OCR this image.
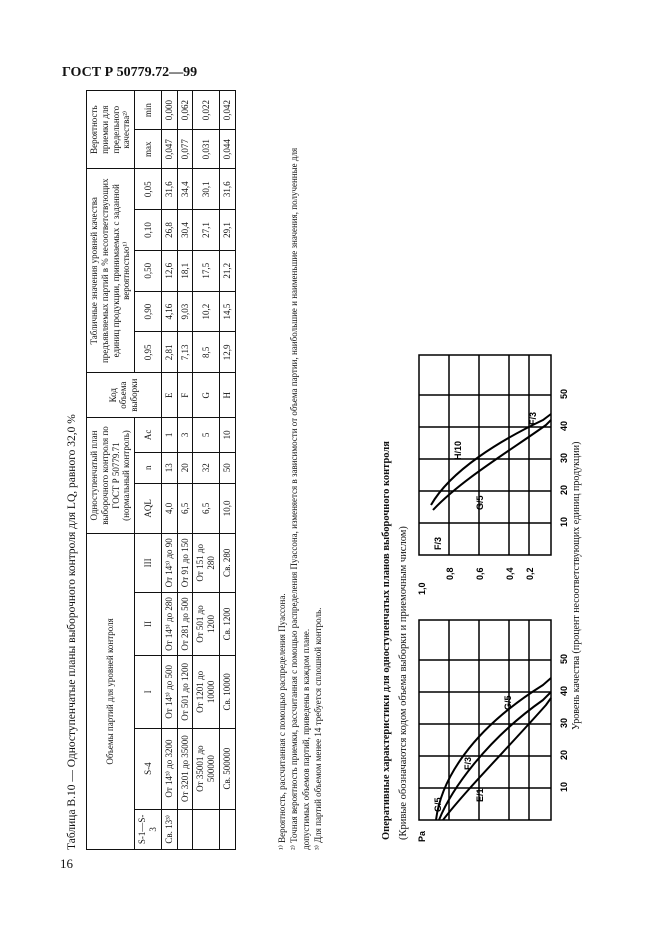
ГОСТ Р 50779.72—99
16
Таблица В.10 — Одноступенчатые планы выборочного контроля для LQ, равного 32,0 %	Объемы партий для уровней контроля					Одноступенчатый план выборочного контроля по ГОСТ Р 50779.71 (нормальный контроль)			Код объема выборки	Табличные значения уровней качества предъявляемых партий в % несоответствующих единиц продукции, принимаемых с заданной вероятностью¹⁾					Вероятность приемки для предельного качества²⁾	
S-1—S-3	S-4	I	II	III	AQL	n	Ac		0,95	0,90	0,50	0,10	0,05	max	min
Св. 13³⁾	От 14³⁾ до 3200	От 14³⁾ до 500	От 14³⁾ до 280	От 14³⁾ до 90	4,0	13	1	E	2,81	4,16	12,6	26,8	31,6	0,047	0,000
	От 3201 до 35000	От 501 до 1200	От 281 до 500	От 91 до 150	6,5	20	3	F	7,13	9,03	18,1	30,4	34,4	0,077	0,062
	От 35001 до 500000	От 1201 до 10000	От 501 до 1200	От 151 до 280	6,5	32	5	G	8,5	10,2	17,5	27,1	30,1	0,031	0,022
	Св. 500000	Св. 10000	Св. 1200	Св. 280	10,0	50	10	H	12,9	14,5	21,2	29,1	31,6	0,044	0,042
¹⁾ Вероятность, рассчитанная с помощью распределения Пуассона. ²⁾ Точная вероятность приемки, рассчитанная с помощью распределения Пуассона, изменяется в зависимости от объема партии, наибольшие и наименьшие значения, полученные для допустимых объемов партий, приведены в каждом плане. ³⁾ Для партий объемом менее 14 требуется сплошной контроль.	Оперативные характеристики для одноступенчатых планов выборочного контроля (Кривые обозначаются кодом объема выборки и приемочным числом) Pa
10
20
30
40
50
G/5
F/3
E/1
G/5
1,0
0,8 0,6 0,4 0,2
10
20
30
40
50
F/3
G/5
H/10
F/3
Уровень качества (процент несоответствующих единиц продукции)
